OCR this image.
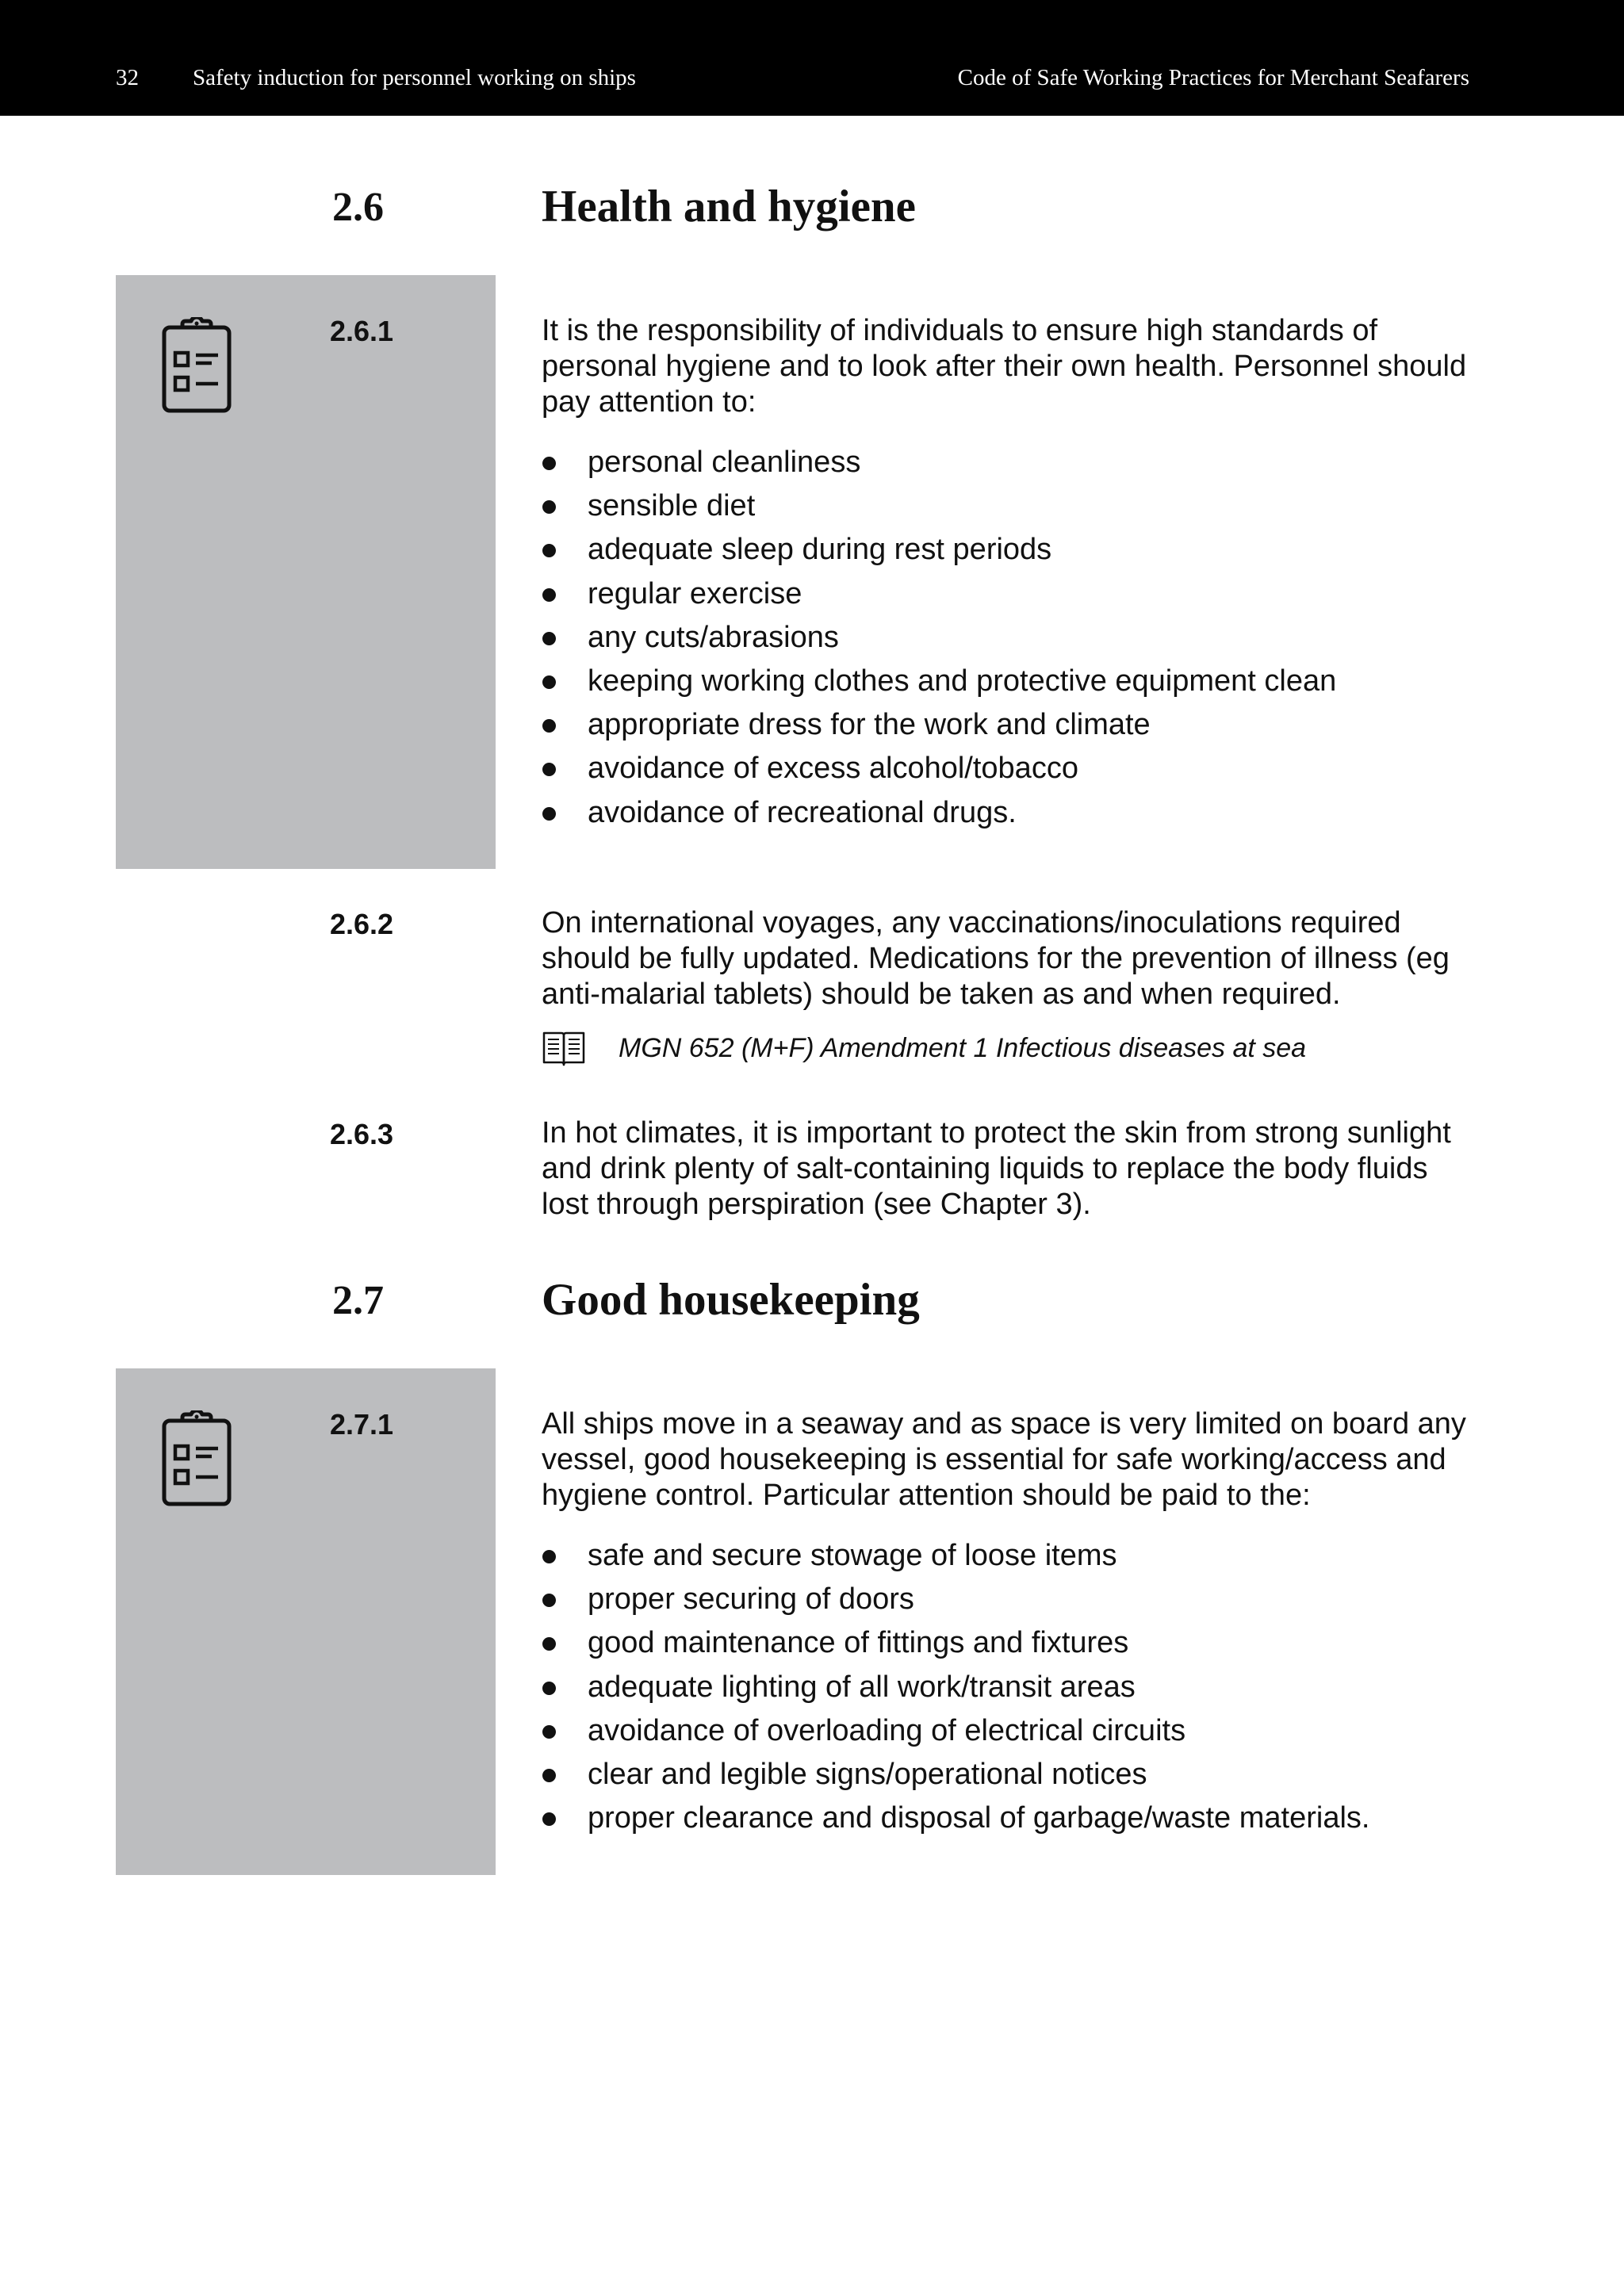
32 Safety induction for personnel working on ships	Code of Safe Working Practices for Merchant Seafarers
2.6	Health and hygiene
2.6.1	It is the responsibility of individuals to ensure high standards of personal hygiene and to look after their own health. Personnel should pay attention to:

personal cleanliness
sensible diet
adequate sleep during rest periods
regular exercise
any cuts/abrasions
keeping working clothes and protective equipment clean
appropriate dress for the work and climate
avoidance of excess alcohol/tobacco
avoidance of recreational drugs.
2.6.2	On international voyages, any vaccinations/inoculations required should be fully updated. Medications for the prevention of illness (eg anti-malarial tablets) should be taken as and when required.

MGN 652 (M+F) Amendment 1 Infectious diseases at sea
2.6.3	In hot climates, it is important to protect the skin from strong sunlight and drink plenty of salt-containing liquids to replace the body fluids lost through perspiration (see Chapter 3).

2.7	Good housekeeping
2.7.1	All ships move in a seaway and as space is very limited on board any vessel, good housekeeping is essential for safe working/access and hygiene control. Particular attention should be paid to the:

safe and secure stowage of loose items
proper securing of doors
good maintenance of fittings and fixtures
adequate lighting of all work/transit areas
avoidance of overloading of electrical circuits
clear and legible signs/operational notices
proper clearance and disposal of garbage/waste materials.
